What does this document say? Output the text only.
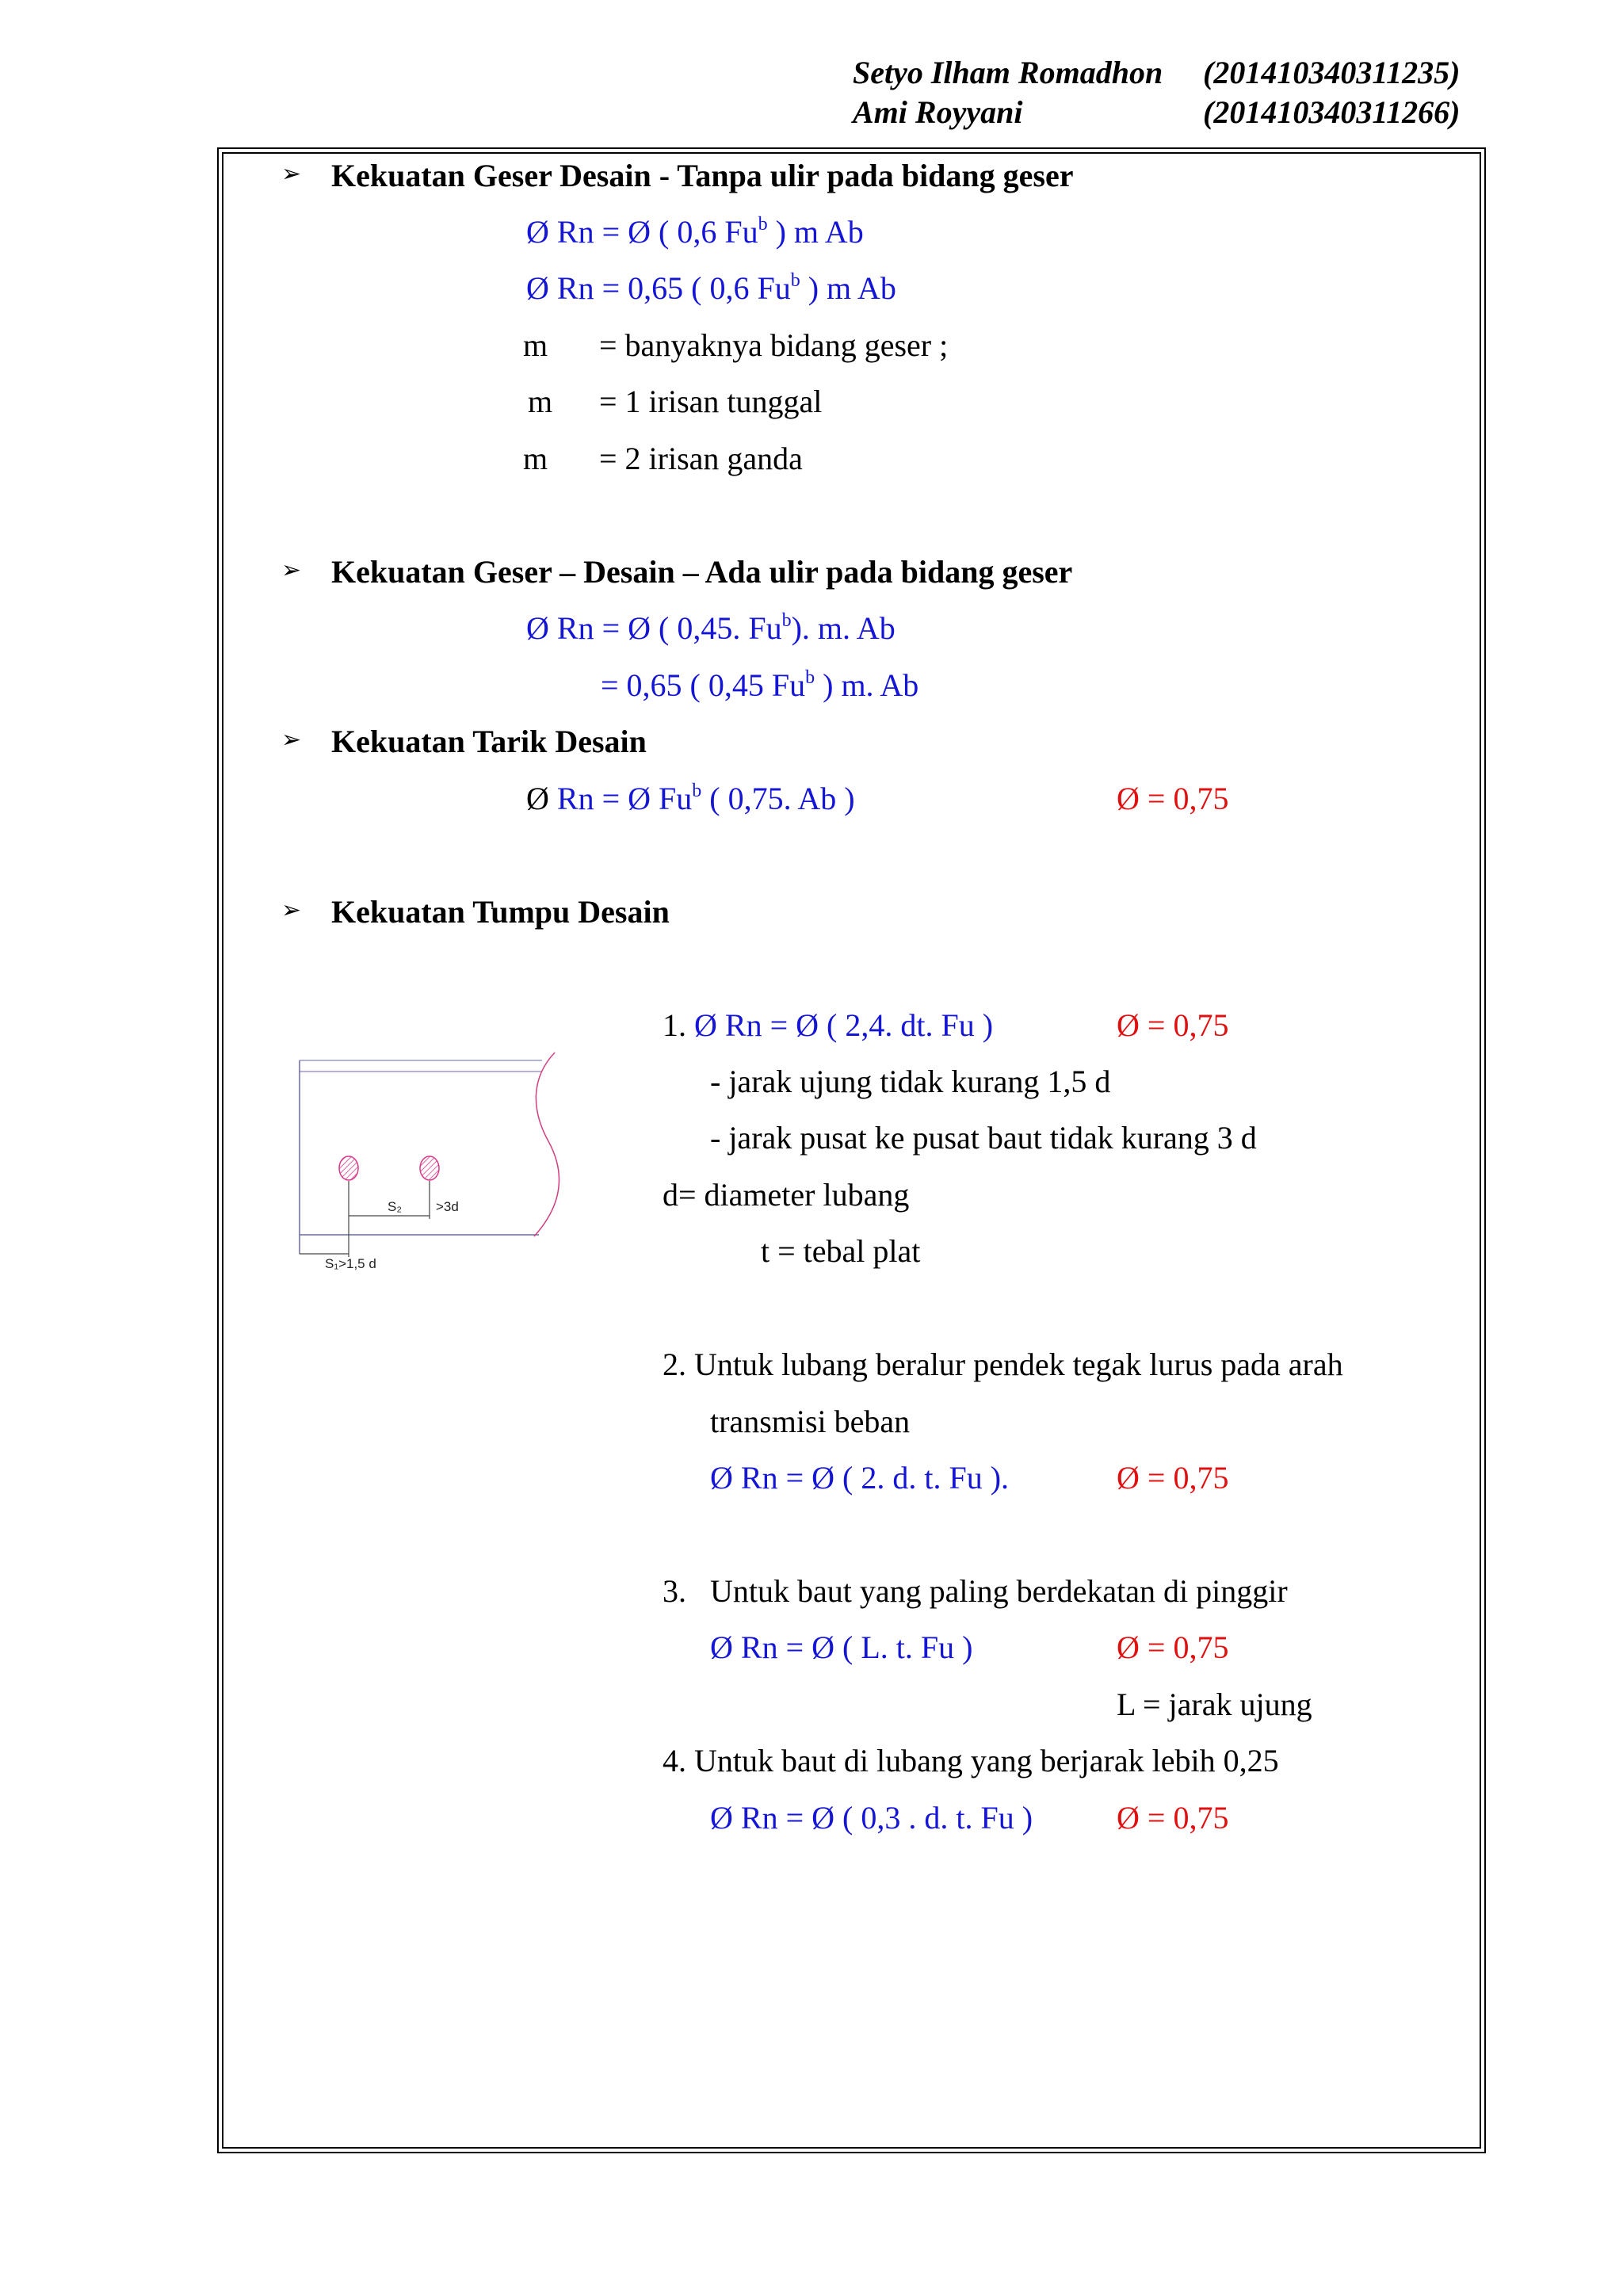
Setyo Ilham Romadhon (201410340311235)
Ami Royyani	(201410340311266)
➢ Kekuatan Geser Desain - Tanpa ulir pada bidang geser
Ø Rn = Ø ( 0,6 Fu$^b$ ) m Ab
Ø Rn = 0,65 ( 0,6 Fu$^b$ ) m Ab
m = banyaknya bidang geser ;
m = 1 irisan tunggal
m = 2 irisan ganda
➢ Kekuatan Geser – Desain – Ada ulir pada bidang geser
Ø Rn = Ø ( 0,45. Fu$^b$). m. Ab
= 0,65 ( 0,45 Fu$^b$ ) m. Ab
➢ Kekuatan Tarik Desain
Ø Rn = Ø Fu$^b$ ( 0,75. Ab )	Ø = 0,75
➢ Kekuatan Tumpu Desain
1. Ø Rn = Ø ( 2,4. dt. Fu )	Ø = 0,75
- jarak ujung tidak kurang 1,5 d
- jarak pusat ke pusat baut tidak kurang 3 d
d= diameter lubang
t = tebal plat
S₂	>3d
S₁>1,5 d
2. Untuk lubang beralur pendek tegak lurus pada arah
transmisi beban
Ø Rn = Ø ( 2. d. t. Fu ).	Ø = 0,75
3. Untuk baut yang paling berdekatan di pinggir
Ø Rn = Ø ( L. t. Fu )	Ø = 0,75
L = jarak ujung
4. Untuk baut di lubang yang berjarak lebih 0,25
Ø Rn = Ø ( 0,3 . d. t. Fu )	Ø = 0,75
